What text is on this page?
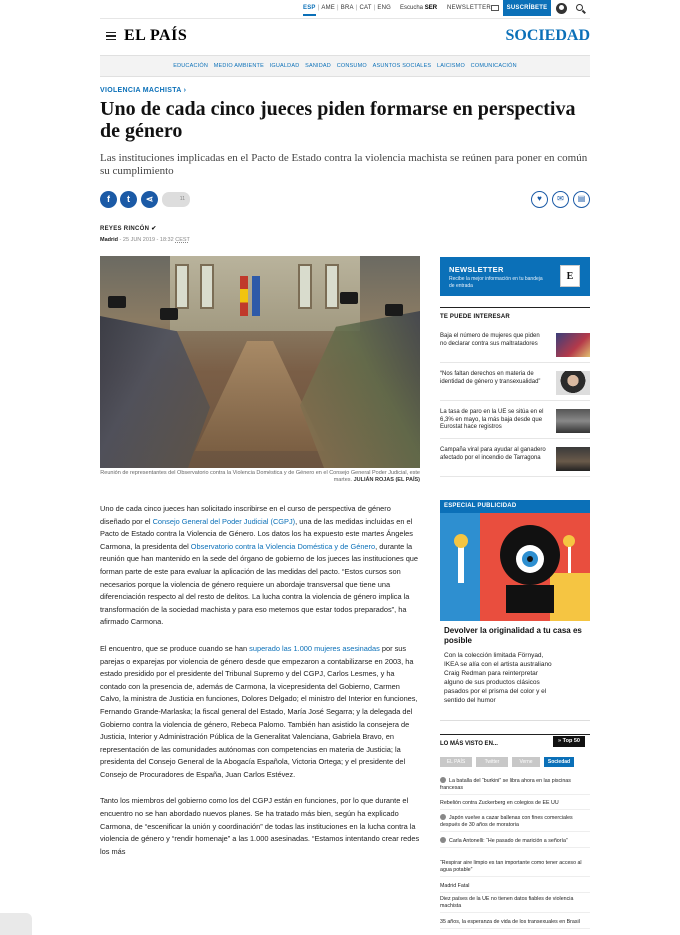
ESP | AME | BRA | CAT | ENG Escucha SER NEWSLETTER	SUSCRÍBETE
EL PAÍS	SOCIEDAD
EDUCACIÓN MEDIO AMBIENTE IGUALDAD SANIDAD CONSUMO ASUNTOS SOCIALES LAICISMO COMUNICACIÓN
VIOLENCIA MACHISTA ›
Uno de cada cinco jueces piden formarse en perspectiva de género
Las instituciones implicadas en el Pacto de Estado contra la violencia machista se reúnen para poner en común su cumplimiento
f	t	⋖	11	♥	✉	▤
REYES RINCÓN ✔
Madrid - 25 JUN 2019 - 18:32 CEST
Reunión de representantes del Observatorio contra la Violencia Doméstica y de Género en el Consejo General Poder Judicial, este martes. JULIÁN ROJAS (EL PAÍS)

Uno de cada cinco jueces han solicitado inscribirse en el curso de perspectiva de género diseñado por el Consejo General del Poder Judicial (CGPJ), una de las medidas incluidas en el Pacto de Estado contra la Violencia de Género. Los datos los ha expuesto este martes Ángeles Carmona, la presidenta del Observatorio contra la Violencia Doméstica y de Género, durante la reunión que han mantenido en la sede del órgano de gobierno de los jueces las instituciones que forman parte de este para evaluar la aplicación de las medidas del pacto. “Estos cursos son necesarios porque la violencia de género requiere un abordaje transversal que tiene una diferenciación respecto al del resto de delitos. La lucha contra la violencia de género implica la transformación de la sociedad machista y para eso metemos que estar todos preparados”, ha afirmado Carmona.

El encuentro, que se produce cuando se han superado las 1.000 mujeres asesinadas por sus parejas o exparejas por violencia de género desde que empezaron a contabilizarse en 2003, ha estado presidido por el presidente del Tribunal Supremo y del CGPJ, Carlos Lesmes, y ha contado con la presencia de, además de Carmona, la vicepresidenta del Gobierno, Carmen Calvo, la ministra de Justicia en funciones, Dolores Delgado; el ministro del Interior en funciones, Fernando Grande-Marlaska; la fiscal general del Estado, María José Segarra; y la delegada del Gobierno contra la violencia de género, Rebeca Palomo. También han asistido la consejera de Justicia, Interior y Administración Pública de la Generalitat Valenciana, Gabriela Bravo, en representación de las comunidades autónomas con competencias en materia de Justicia; la presidenta del Consejo General de la Abogacía Española, Victoria Ortega; y el presidente del Consejo de Procuradores de España, Juan Carlos Estévez.

Tanto los miembros del gobierno como los del CGPJ están en funciones, por lo que durante el encuentro no se han abordado nuevos planes. Se ha tratado más bien, según ha explicado Carmona, de “escenificar la unión y coordinación” de todas las instituciones en la lucha contra la violencia de género y “rendir homenaje” a las 1.000 asesinadas. “Estamos intentando crear redes los más

NEWSLETTER
Recibe la mejor información en tu bandeja de entrada
E
TE PUEDE INTERESAR
Baja el número de mujeres que piden no declarar contra sus maltratadores
“Nos faltan derechos en materia de identidad de género y transexualidad”
La tasa de paro en la UE se sitúa en el 6,3% en mayo, la más baja desde que Eurostat hace registros
Campaña viral para ayudar al ganadero afectado por el incendio de Tarragona
ESPECIAL PUBLICIDAD
Devolver la originalidad a tu casa es posible
Con la colección limitada Förnyad, IKEA se alía con el artista australiano Craig Redman para reinterpretar alguno de sus productos clásicos pasados por el prisma del color y el sentido del humor
LO MÁS VISTO EN...	» Top 50
EL PAÍS	Twitter	Verne	Sociedad
La batalla del “burkini” se libra ahora en las piscinas francesas
Rebelión contra Zuckerberg en colegios de EE UU
Japón vuelve a cazar ballenas con fines comerciales después de 30 años de moratoria
Carla Antonelli: “He pasado de marición a señoría”
“Respirar aire limpio es tan importante como tener acceso al agua potable”
Madrid Fatal
Diez países de la UE no tienen datos fiables de violencia machista
35 años, la esperanza de vida de los transexuales en Brasil
